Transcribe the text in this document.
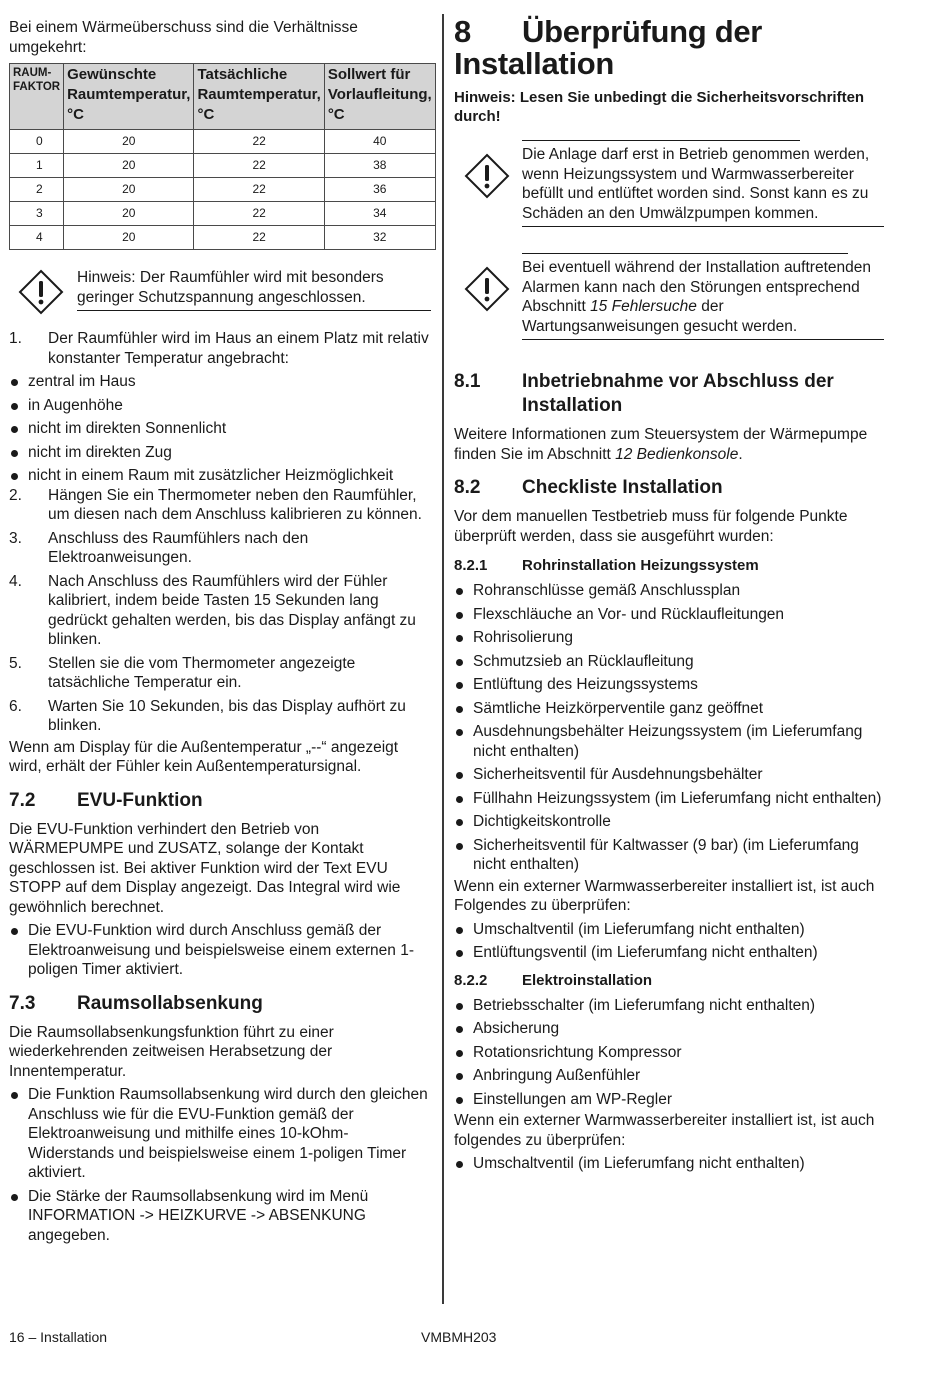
Bei einem Wärmeüberschuss sind die Verhältnisse umgekehrt:

RAUM-FAKTOR	Gewünschte Raumtemperatur, °C	Tatsächliche Raumtemperatur, °C	Sollwert für Vorlaufleitung, °C
0	20	22	40
1	20	22	38
2	20	22	36
3	20	22	34
4	20	22	32
Hinweis: Der Raumfühler wird mit besonders geringer Schutzspannung angeschlossen.
1. Der Raumfühler wird im Haus an einem Platz mit relativ konstanter Temperatur angebracht:
zentral im Haus
in Augenhöhe
nicht im direkten Sonnenlicht
nicht im direkten Zug
nicht in einem Raum mit zusätzlicher Heizmöglichkeit
2. Hängen Sie ein Thermometer neben den Raumfühler, um diesen nach dem Anschluss kalibrieren zu können.
3. Anschluss des Raumfühlers nach den Elektroanweisungen.
4. Nach Anschluss des Raumfühlers wird der Fühler kalibriert, indem beide Tasten 15 Sekunden lang gedrückt gehalten werden, bis das Display anfängt zu blinken.
5. Stellen sie die vom Thermometer angezeigte tatsächliche Temperatur ein.
6. Warten Sie 10 Sekunden, bis das Display aufhört zu blinken.

Wenn am Display für die Außentemperatur „--“ angezeigt wird, erhält der Fühler kein Außentemperatursignal.

7.2 EVU-Funktion

Die EVU-Funktion verhindert den Betrieb von WÄRMEPUMPE und ZUSATZ, solange der Kontakt geschlossen ist. Bei aktiver Funktion wird der Text EVU STOPP auf dem Display angezeigt. Das Integral wird wie gewöhnlich berechnet.

Die EVU-Funktion wird durch Anschluss gemäß der Elektroanweisung und beispielsweise einem externen 1-poligen Timer aktiviert.
7.3 Raumsollabsenkung

Die Raumsollabsenkungsfunktion führt zu einer wiederkehrenden zeitweisen Herabsetzung der Innentemperatur.

Die Funktion Raumsollabsenkung wird durch den gleichen Anschluss wie für die EVU-Funktion gemäß der Elektroanweisung und mithilfe eines 10-kOhm-Widerstands und beispielsweise einem 1-poligen Timer aktiviert.
Die Stärke der Raumsollabsenkung wird im Menü INFORMATION -> HEIZKURVE -> ABSENKUNG angegeben.
8 Überprüfung der Installation

Hinweis: Lesen Sie unbedingt die Sicherheitsvorschriften durch!

Die Anlage darf erst in Betrieb genommen werden, wenn Heizungssystem und Warmwasserbereiter befüllt und entlüftet worden sind. Sonst kann es zu Schäden an den Umwälzpumpen kommen.
Bei eventuell während der Installation auftretenden Alarmen kann nach den Störungen entsprechend Abschnitt 15 Fehlersuche der Wartungsanweisungen gesucht werden.
8.1 Inbetriebnahme vor Abschluss der Installation

Weitere Informationen zum Steuersystem der Wärmepumpe finden Sie im Abschnitt 12 Bedienkonsole.

8.2 Checkliste Installation

Vor dem manuellen Testbetrieb muss für folgende Punkte überprüft werden, dass sie ausgeführt wurden:

8.2.1 Rohrinstallation Heizungssystem
Rohranschlüsse gemäß Anschlussplan
Flexschläuche an Vor- und Rücklaufleitungen
Rohrisolierung
Schmutzsieb an Rücklaufleitung
Entlüftung des Heizungssystems
Sämtliche Heizkörperventile ganz geöffnet
Ausdehnungsbehälter Heizungssystem (im Lieferumfang nicht enthalten)
Sicherheitsventil für Ausdehnungsbehälter
Füllhahn Heizungssystem (im Lieferumfang nicht enthalten)
Dichtigkeitskontrolle
Sicherheitsventil für Kaltwasser (9 bar) (im Lieferumfang nicht enthalten)

Wenn ein externer Warmwasserbereiter installiert ist, ist auch Folgendes zu überprüfen:

Umschaltventil (im Lieferumfang nicht enthalten)
Entlüftungsventil (im Lieferumfang nicht enthalten)
8.2.2 Elektroinstallation
Betriebsschalter (im Lieferumfang nicht enthalten)
Absicherung
Rotationsrichtung Kompressor
Anbringung Außenfühler
Einstellungen am WP-Regler

Wenn ein externer Warmwasserbereiter installiert ist, ist auch folgendes zu überprüfen:

Umschaltventil (im Lieferumfang nicht enthalten)
16 – Installation	VMBMH203
